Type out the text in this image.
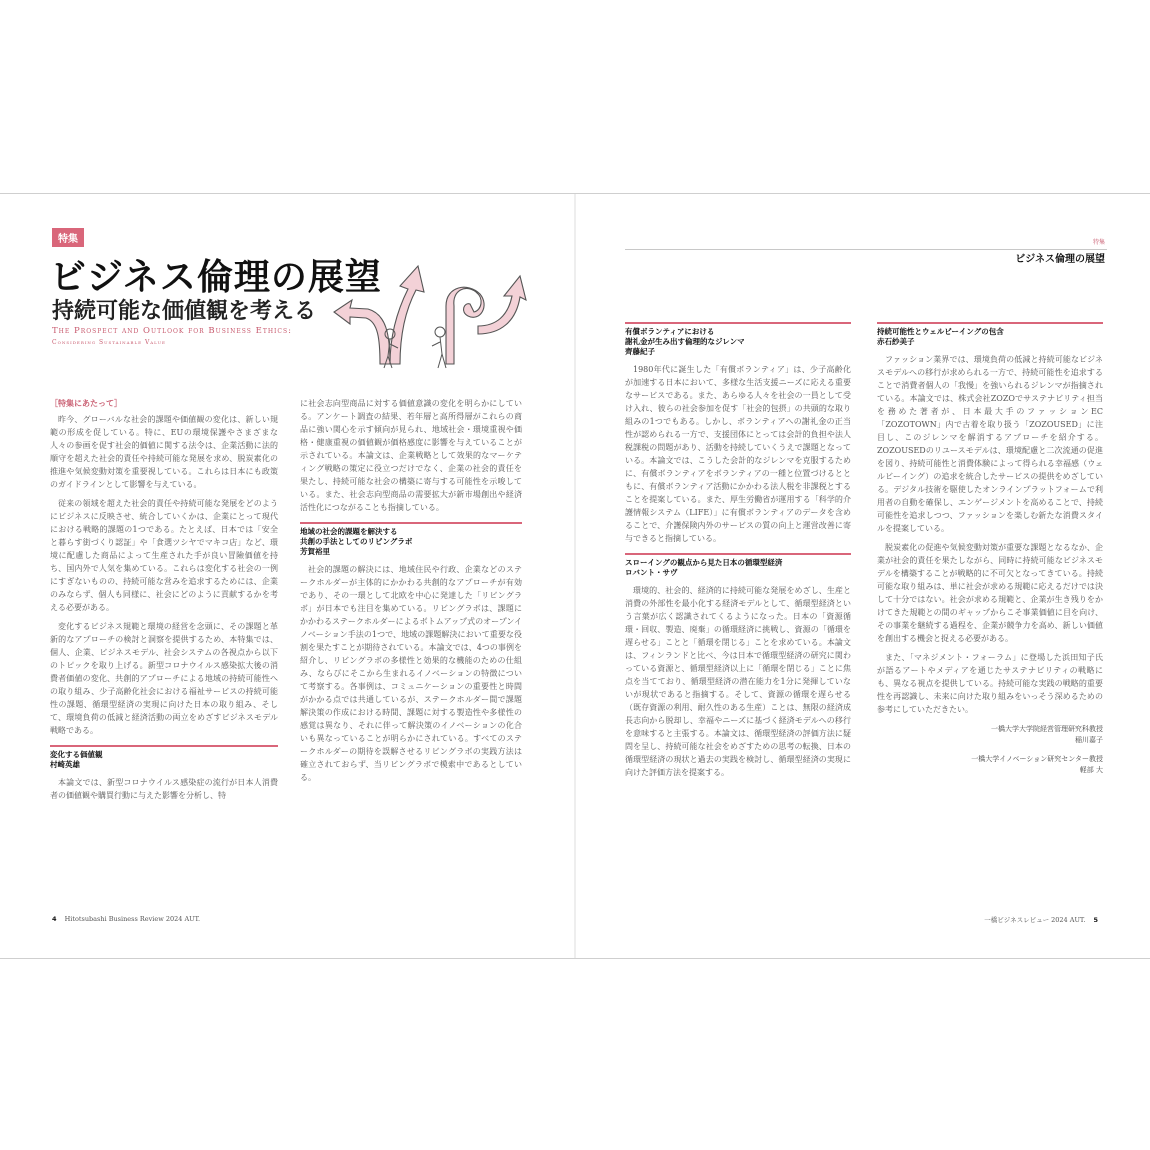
特集
ビジネス倫理の展望
持続可能な価値観を考える
The Prospect and Outlook for Business Ethics:
Considering Sustainable Value
［特集にあたって］

昨今、グローバルな社会的課題や価値観の変化は、新しい規範の形成を促している。特に、EUの環境保護やさまざまな人々の参画を促す社会的価値に関する法令は、企業活動に法的順守を超えた社会的責任や持続可能な発展を求め、脱炭素化の推進や気候変動対策を重要視している。これらは日本にも政策のガイドラインとして影響を与えている。

従来の領域を超えた社会的責任や持続可能な発展をどのようにビジネスに反映させ、統合していくかは、企業にとって現代における戦略的課題の1つである。たとえば、日本では「安全と暮らす街づくり認証」や「食選ツシヤでマキコ店」など、環境に配慮した商品によって生産された手が良い冒險価値を持ち、国内外で人気を集めている。これらは変化する社会の一例にすぎないものの、持続可能な営みを追求するためには、企業のみならず、個人も同様に、社会にどのように貢献するかを考える必要がある。

変化するビジネス規範と環境の経営を念頭に、その課題と革新的なアプローチの検討と洞察を提供するため、本特集では、個人、企業、ビジネスモデル、社会システムの各視点から以下のトピックを取り上げる。新型コロナウイルス感染拡大後の消費者価値の変化、共創的アプローチによる地域の持続可能性への取り組み、少子高齢化社会における福祉サービスの持続可能性の課題、循環型経済の実現に向けた日本の取り組み、そして、環境負荷の低減と経済活動の両立をめざすビジネスモデル戦略である。

変化する価値観
村崎英雄

本論文では、新型コロナウイルス感染症の流行が日本人消費者の価値観や購買行動に与えた影響を分析し、特

に社会志向型商品に対する価値意識の変化を明らかにしている。アンケート調査の結果、若年層と高所得層がこれらの商品に強い関心を示す傾向が見られ、地域社会・環境重視や価格・健康重視の価値観が価格感度に影響を与えていることが示されている。本論文は、企業戦略として效果的なマーケティング戦略の策定に役立つだけでなく、企業の社会的責任を果たし、持続可能な社会の構築に寄与する可能性を示唆している。また、社会志向型商品の需要拡大が新市場創出や経済活性化につながることも指摘している。

地域の社会的課題を解決する
共創の手法としてのリビングラボ
芳賀裕里

社会的課題の解決には、地域住民や行政、企業などのステークホルダーが主体的にかかわる共創的なアプローチが有効であり、その一環として北欧を中心に発達した「リビングラボ」が日本でも注目を集めている。リビングラボは、課題にかかわるステークホルダーによるボトムアップ式のオープンイノベーション手法の1つで、地域の課題解決において重要な役割を果たすことが期待されている。本論文では、4つの事例を紹介し、リビングラボの多様性と効果的な機能のための仕組み、ならびにそこから生まれるイノベーションの特徴について考察する。各事例は、コミュニケーションの重要性と時間がかかる点では共通しているが、ステークホルダー間で課題解決策の作成における時間、課題に対する製造性や多様性の感覚は異なり、それに伴って解決策のイノベーションの化合いも異なっていることが明らかにされている。すべてのステークホルダーの期待を誤解させるリビングラボの実践方法は確立されておらず、当リビングラボで模索中であるとしている。

4 Hitotsubashi Business Review 2024 AUT.
特集
ビジネス倫理の展望
有償ボランティアにおける
謝礼金が生み出す倫理的なジレンマ
齊藤紀子

1980年代に誕生した「有償ボランティア」は、少子高齢化が加速する日本において、多様な生活支援ニーズに応える重要なサービスである。また、あらゆる人々を社会の一員として受け入れ、彼らの社会参加を促す「社会的包摂」の共頭的な取り組みの1つでもある。しかし、ボランティアへの謝礼金の正当性が認められる一方で、支援団体にとっては会計的負担や法人税課税の問題があり、活動を持続していくうえで課題となっている。本論文では、こうした会計的なジレンマを克服するために、有償ボランティアをボランティアの一種と位置づけるとともに、有償ボランティア活動にかかわる法人税を非課税とすることを提案している。また、厚生労働省が運用する「科学的介護情報システム（LIFE）」に有償ボランティアのデータを含めることで、介護保険内外のサービスの質の向上と運営改善に寄与できると指摘している。

スローイングの観点から見た日本の循環型経済
ロバント・サヴ

環境的、社会的、経済的に持続可能な発展をめざし、生産と消費の外部性を最小化する経済モデルとして、循環型経済という言葉が広く認識されてくるようになった。日本の「資源循環・回収、製造、廃棄」の循環経済に挑戦し、資源の「循環を遅らせる」ことと「循環を閉じる」ことを求めている。本論文は、フィンランドと比べ、今は日本で循環型経済の研究に関わっている資源と、循環型経済以上に「循環を閉じる」ことに焦点を当てており、循環型経済の潜在能力を1分に発揮していないが現状であると指摘する。そして、資源の循環を遅らせる（既存資源の利用、耐久性のある生産）ことは、無限の経済成長志向から脱却し、幸福やニーズに基づく経済モデルへの移行を意味すると主張する。本論文は、循環型経済の評価方法に疑問を呈し、持続可能な社会をめざすための思考の転換、日本の循環型経済の現状と過去の実践を検討し、循環型経済の実現に向けた評価方法を提案する。

持続可能性とウェルビーイングの包含
赤石紗美子

ファッション業界では、環境負荷の低減と持続可能なビジネスモデルへの移行が求められる一方で、持続可能性を追求することで消費者個人の「我慢」を強いられるジレンマが指摘されている。本論文では、株式会社ZOZOでサステナビリティ担当を務めた著者が、日本最大手のファッションEC「ZOZOTOWN」内で古着を取り扱う「ZOZOUSED」に注目し、このジレンマを解消するアプローチを紹介する。ZOZOUSEDのリユースモデルは、環境配慮と二次流通の促進を図り、持続可能性と消費体験によって得られる幸福感（ウェルビーイング）の追求を統合したサービスの提供をめざしている。デジタル技術を駆使したオンラインプラットフォームで利用者の自動を確保し、エンゲージメントを高めることで、持続可能性を追求しつつ、ファッションを楽しむ新たな消費スタイルを提案している。

脱炭素化の促進や気候変動対策が重要な課題となるなか、企業が社会的責任を果たしながら、同時に持続可能なビジネスモデルを構築することが戦略的に不可欠となってきている。持続可能な取り組みは、単に社会が求める規範に応えるだけでは決して十分ではない。社会が求める規範と、企業が生き残りをかけてきた規範との間のギャップからこそ事業価値に目を向け、その事業を継続する過程を、企業が競争力を高め、新しい価値を創出する機会と捉える必要がある。

また、「マネジメント・フォーラム」に登場した浜田知子氏が語るアートやメディアを通じたサステナビリティの戦略にも、異なる視点を提供している。持続可能な実践の戦略的重要性を再認識し、未来に向けた取り組みをいっそう深めるための参考にしていただきたい。

一橋大学大学院経営管理研究科教授
稲川嘉子
一橋大学イノベーション研究センター教授
軽部 大
一橋ビジネスレビュー 2024 AUT. 5
